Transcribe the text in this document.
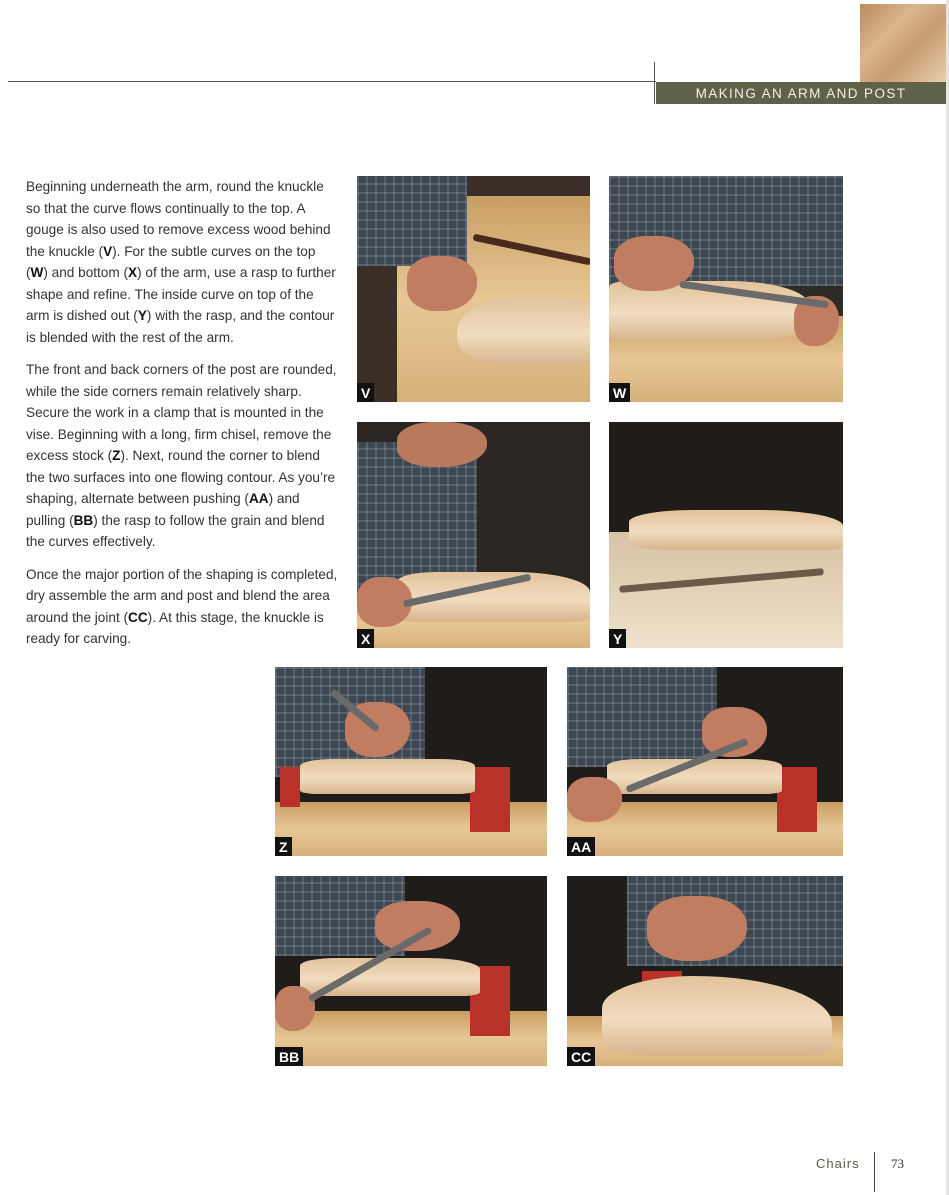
MAKING AN ARM AND POST

Beginning underneath the arm, round the knuckle so that the curve flows continually to the top. A gouge is also used to remove excess wood behind the knuckle (V). For the subtle curves on the top (W) and bottom (X) of the arm, use a rasp to further shape and refine. The inside curve on top of the arm is dished out (Y) with the rasp, and the contour is blended with the rest of the arm.

The front and back corners of the post are rounded, while the side corners remain relatively sharp. Secure the work in a clamp that is mounted in the vise. Beginning with a long, firm chisel, remove the excess stock (Z). Next, round the corner to blend the two surfaces into one flowing contour. As you’re shaping, alternate between pushing (AA) and pulling (BB) the rasp to follow the grain and blend the curves effectively.

Once the major portion of the shaping is completed, dry assemble the arm and post and blend the area around the joint (CC). At this stage, the knuckle is ready for carving.

V	W
X	Y
Z	AA
BB	CC
Chairs 73
